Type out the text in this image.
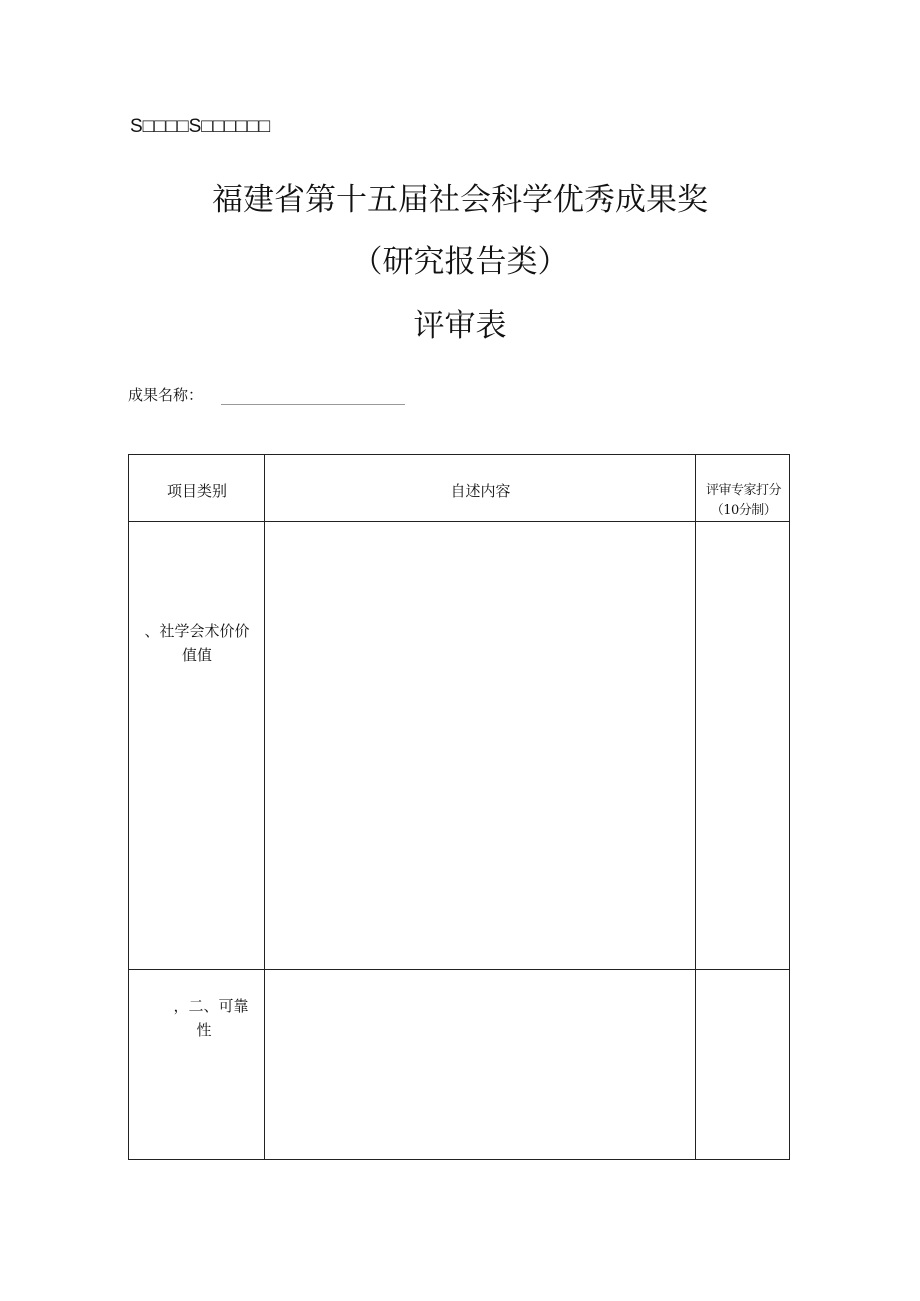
S□□□□S□□□□□□
福建省第十五届社会科学优秀成果奖
（研究报告类）
评审表
成果名称：
项目类别	自述内容	评审专家打分
（10分制）
、社学会术价价
值值
，二、可靠
性
